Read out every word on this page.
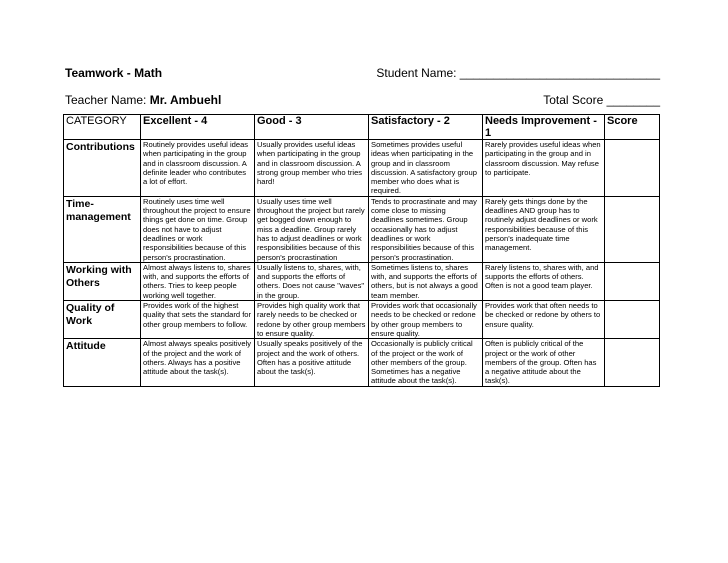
Teamwork - Math	Student Name: ______________________________
Teacher Name: Mr. Ambuehl	Total Score ________
CATEGORY	Excellent - 4	Good - 3	Satisfactory - 2	Needs Improvement - 1	Score
Contributions	Routinely provides useful ideas when participating in the group and in classroom discussion. A definite leader who contributes a lot of effort.	Usually provides useful ideas when participating in the group and in classroom discussion. A strong group member who tries hard!	Sometimes provides useful ideas when participating in the group and in classroom discussion. A satisfactory group member who does what is required.	Rarely provides useful ideas when participating in the group and in classroom discussion. May refuse to participate.	
Time-management	Routinely uses time well throughout the project to ensure things get done on time. Group does not have to adjust deadlines or work responsibilities because of this person's procrastination.	Usually uses time well throughout the project but rarely get bogged down enough to miss a deadline. Group rarely has to adjust deadlines or work responsibilities because of this person's procrastination	Tends to procrastinate and may come close to missing deadlines sometimes. Group occasionally has to adjust deadlines or work responsibilities because of this person's procrastination.	Rarely gets things done by the deadlines AND group has to routinely adjust deadlines or work responsibilities because of this person's inadequate time management.	
Working with Others	Almost always listens to, shares with, and supports the efforts of others. Tries to keep people working well together.	Usually listens to, shares, with, and supports the efforts of others. Does not cause "waves" in the group.	Sometimes listens to, shares with, and supports the efforts of others, but is not always a good team member.	Rarely listens to, shares with, and supports the efforts of others. Often is not a good team player.	
Quality of Work	Provides work of the highest quality that sets the standard for other group members to follow.	Provides high quality work that rarely needs to be checked or redone by other group members to ensure quality.	Provides work that occasionally needs to be checked or redone by other group members to ensure quality.	Provides work that often needs to be checked or redone by others to ensure quality.	
Attitude	Almost always speaks positively of the project and the work of others. Always has a positive attitude about the task(s).	Usually speaks positively of the project and the work of others. Often has a positive attitude about the task(s).	Occasionally is publicly critical of the project or the work of other members of the group. Sometimes has a negative attitude about the task(s).	Often is publicly critical of the project or the work of other members of the group. Often has a negative attitude about the task(s).	
